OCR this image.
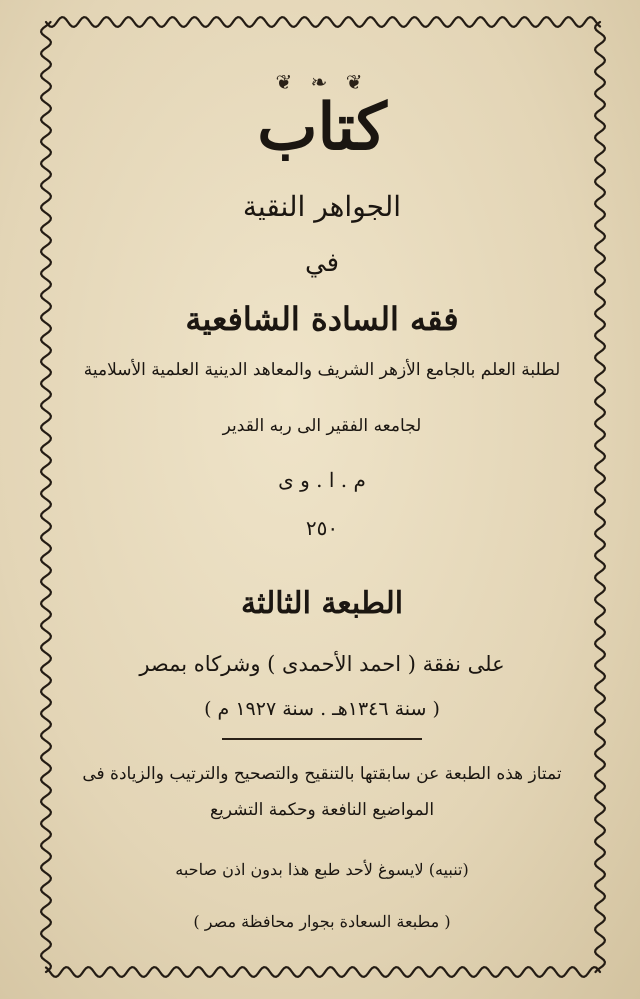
❦ ❧ ❦
كتاب
الجواهر النقية
في
فقه السادة الشافعية
لطلبة العلم بالجامع الأزهر الشريف والمعاهد الدينية العلمية الأسلامية
لجامعه الفقير الى ربه القدير
م . ا . و ى
٢٥٠
الطبعة الثالثة
على نفقة ( احمد الأحمدى ) وشركاه بمصر
( سنة ١٣٤٦هـ . سنة ١٩٢٧ م )
تمتاز هذه الطبعة عن سابقتها بالتنقيح والتصحيح والترتيب والزيادة فى
المواضيع النافعة وحكمة التشريع
(تنبيه) لايسوغ لأحد طبع هذا بدون اذن صاحبه
( مطبعة السعادة بجوار محافظة مصر )
